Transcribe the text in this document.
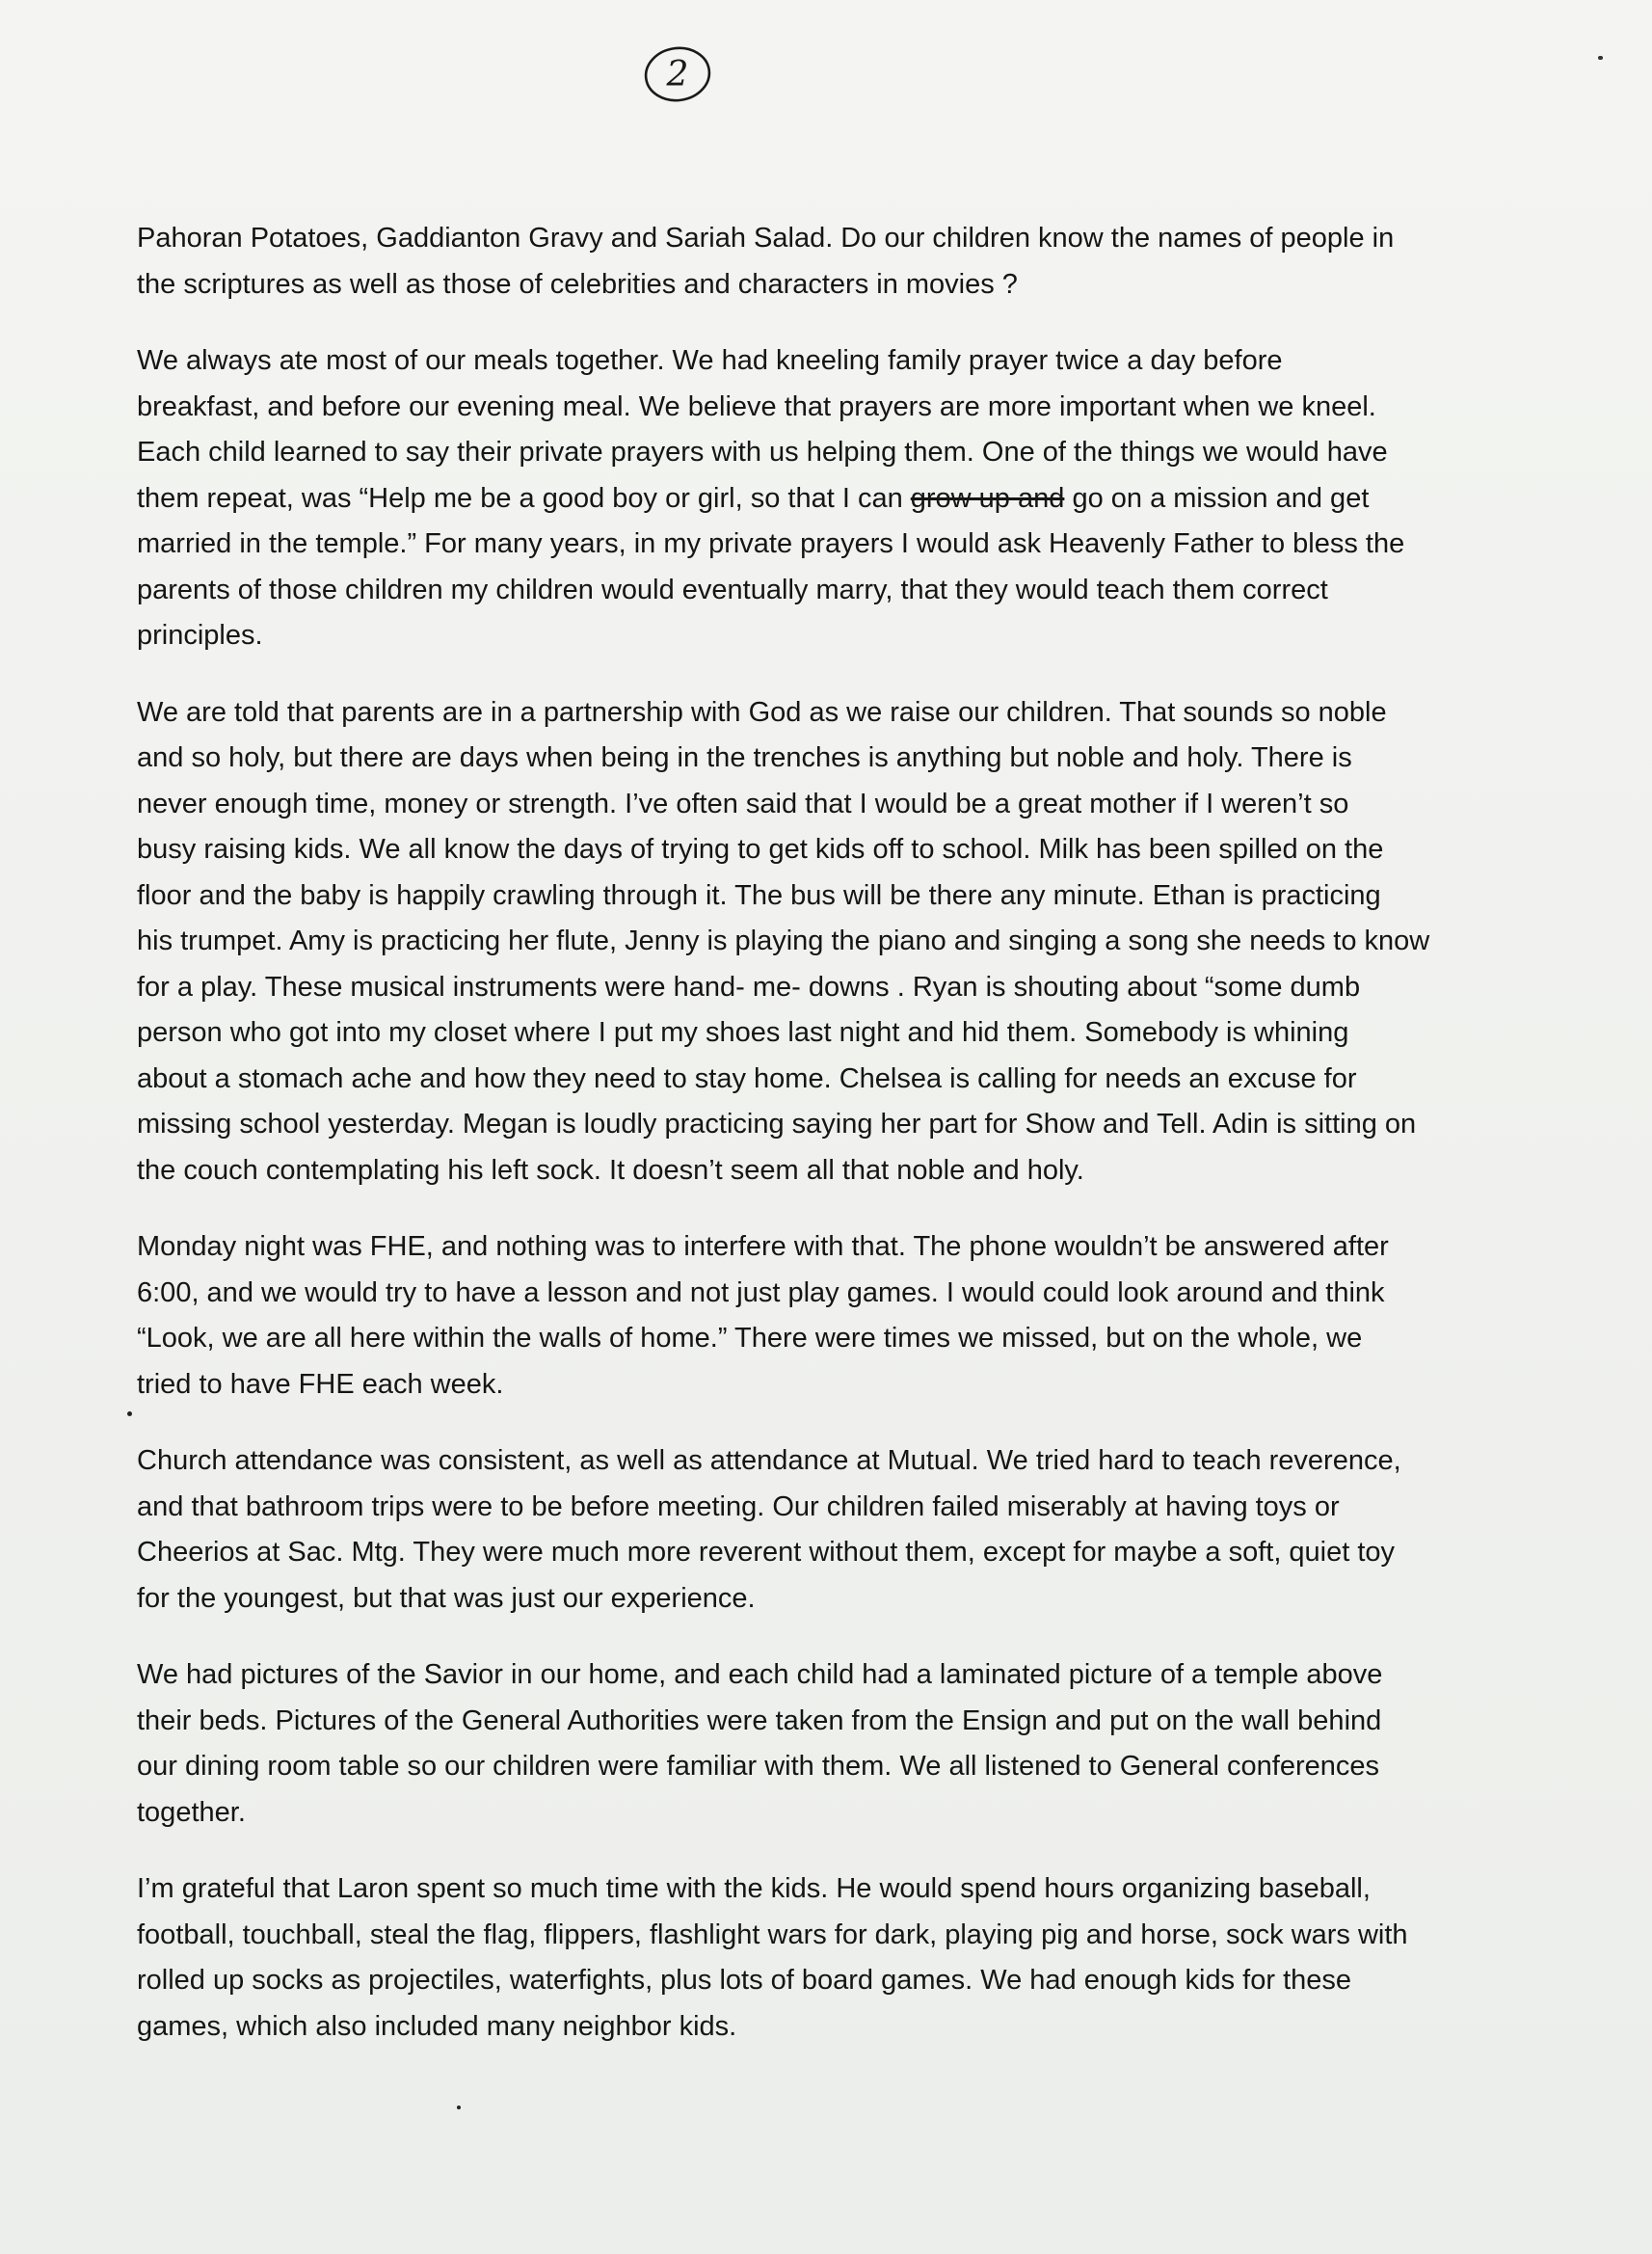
2

Pahoran Potatoes, Gaddianton Gravy and Sariah Salad. Do our children know the names of people in
the scriptures as well as those of celebrities and characters in movies ?

We always ate most of our meals together. We had kneeling family prayer twice a day before
breakfast, and before our evening meal. We believe that prayers are more important when we kneel.
Each child learned to say their private prayers with us helping them. One of the things we would have
them repeat, was “Help me be a good boy or girl, so that I can grow up and go on a mission and get
married in the temple.” For many years, in my private prayers I would ask Heavenly Father to bless the
parents of those children my children would eventually marry, that they would teach them correct
principles.

We are told that parents are in a partnership with God as we raise our children. That sounds so noble
and so holy, but there are days when being in the trenches is anything but noble and holy. There is
never enough time, money or strength. I’ve often said that I would be a great mother if I weren’t so
busy raising kids. We all know the days of trying to get kids off to school. Milk has been spilled on the
floor and the baby is happily crawling through it. The bus will be there any minute. Ethan is practicing
his trumpet. Amy is practicing her flute, Jenny is playing the piano and singing a song she needs to know
for a play. These musical instruments were hand- me- downs . Ryan is shouting about “some dumb
person who got into my closet where I put my shoes last night and hid them. Somebody is whining
about a stomach ache and how they need to stay home. Chelsea is calling for needs an excuse for
missing school yesterday. Megan is loudly practicing saying her part for Show and Tell. Adin is sitting on
the couch contemplating his left sock. It doesn’t seem all that noble and holy.

Monday night was FHE, and nothing was to interfere with that. The phone wouldn’t be answered after
6:00, and we would try to have a lesson and not just play games. I would could look around and think
“Look, we are all here within the walls of home.” There were times we missed, but on the whole, we
tried to have FHE each week.

Church attendance was consistent, as well as attendance at Mutual. We tried hard to teach reverence,
and that bathroom trips were to be before meeting. Our children failed miserably at having toys or
Cheerios at Sac. Mtg. They were much more reverent without them, except for maybe a soft, quiet toy
for the youngest, but that was just our experience.

We had pictures of the Savior in our home, and each child had a laminated picture of a temple above
their beds. Pictures of the General Authorities were taken from the Ensign and put on the wall behind
our dining room table so our children were familiar with them. We all listened to General conferences
together.

I’m grateful that Laron spent so much time with the kids. He would spend hours organizing baseball,
football, touchball, steal the flag, flippers, flashlight wars for dark, playing pig and horse, sock wars with
rolled up socks as projectiles, waterfights, plus lots of board games. We had enough kids for these
games, which also included many neighbor kids.
